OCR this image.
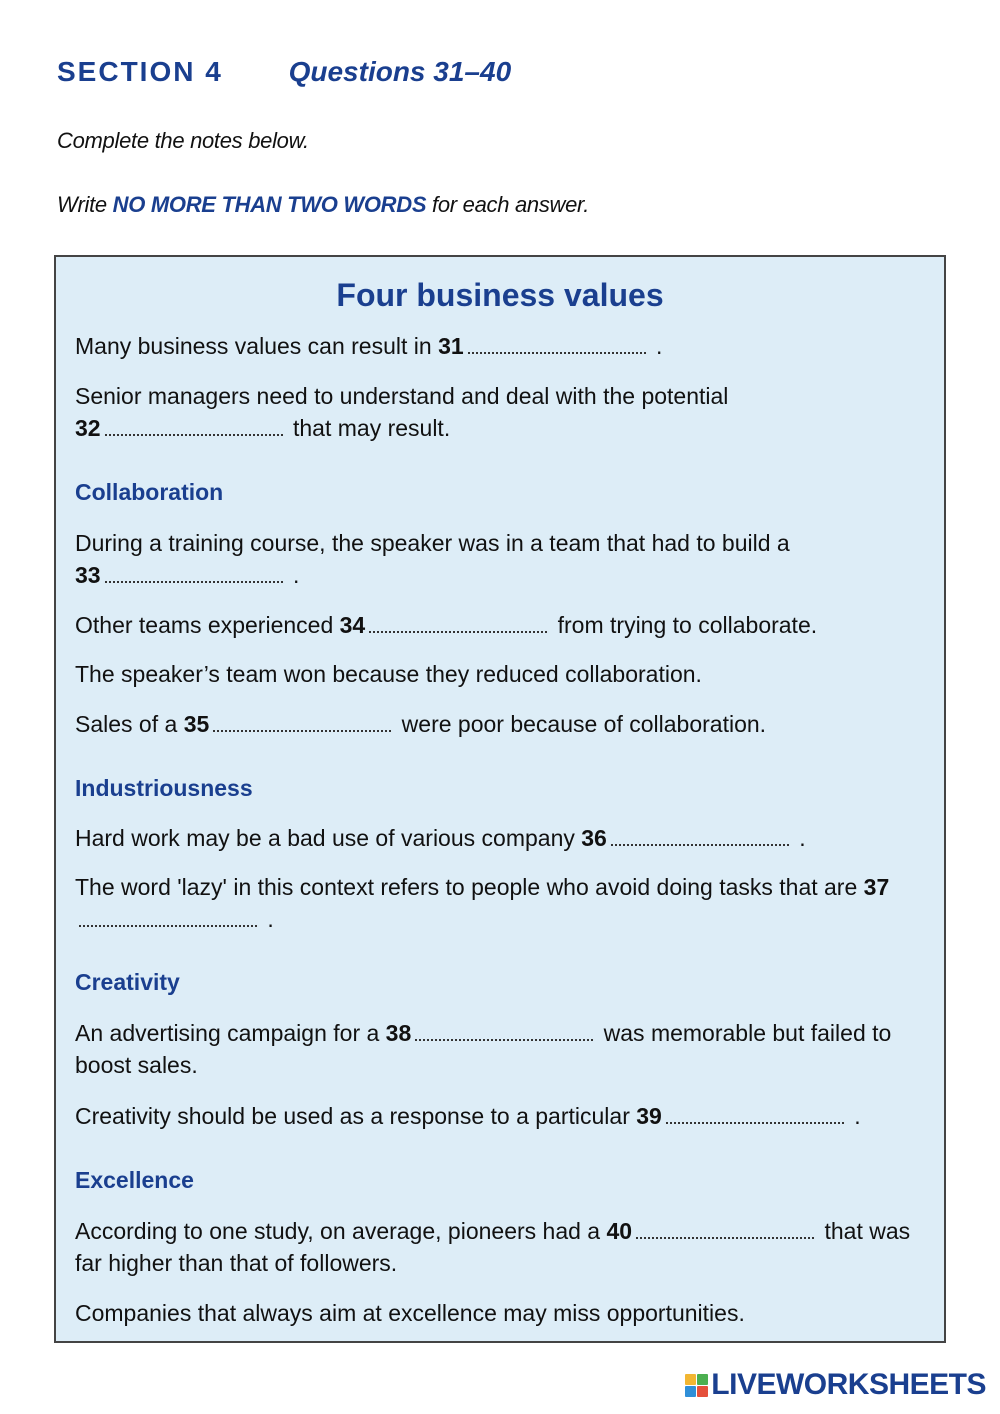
SECTION 4 Questions 31–40
Complete the notes below.
Write NO MORE THAN TWO WORDS for each answer.
Four business values
Many business values can result in 31	.
Senior managers need to understand and deal with the potential
32	that may result.
Collaboration
During a training course, the speaker was in a team that had to build a
33	.
Other teams experienced 34	from trying to collaborate.
The speaker’s team won because they reduced collaboration.
Sales of a 35	were poor because of collaboration.
Industriousness
Hard work may be a bad use of various company 36	.
The word 'lazy' in this context refers to people who avoid doing tasks that are 37 .
Creativity
An advertising campaign for a 38	was memorable but failed to boost sales.
Creativity should be used as a response to a particular 39	.
Excellence
According to one study, on average, pioneers had a 40	that was far higher than that of followers.
Companies that always aim at excellence may miss opportunities.
LIVEWORKSHEETS
